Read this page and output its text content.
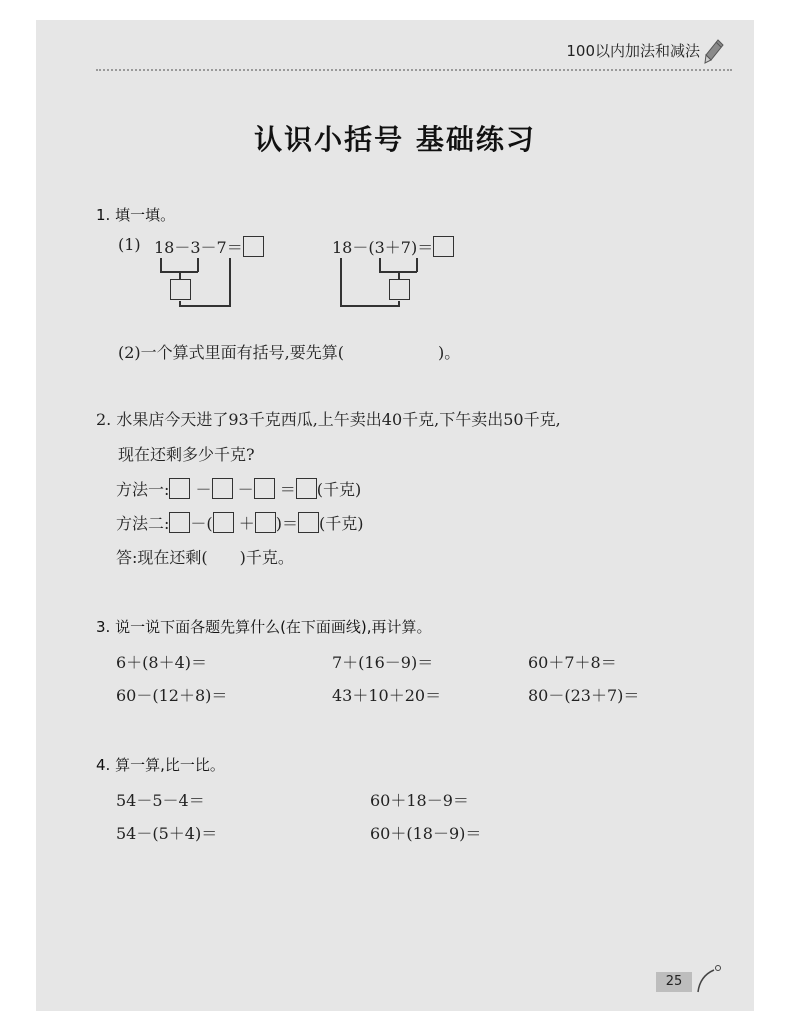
100以内加法和减法
认识小括号 基础练习
1. 填一填。
(1) 18－3－7＝	18－(3＋7)＝
(2)一个算式里面有括号,要先算(	)。
2. 水果店今天进了93千克西瓜,上午卖出40千克,下午卖出50千克,
现在还剩多少千克?
方法一: － － ＝ (千克)
方法二: －( ＋ )＝ (千克)
答:现在还剩( )千克。
3. 说一说下面各题先算什么(在下面画线),再计算。
6＋(8＋4)＝	7＋(16－9)＝	60＋7＋8＝
60－(12＋8)＝	43＋10＋20＝	80－(23＋7)＝
4. 算一算,比一比。
54－5－4＝	60＋18－9＝
54－(5＋4)＝	60＋(18－9)＝
25
